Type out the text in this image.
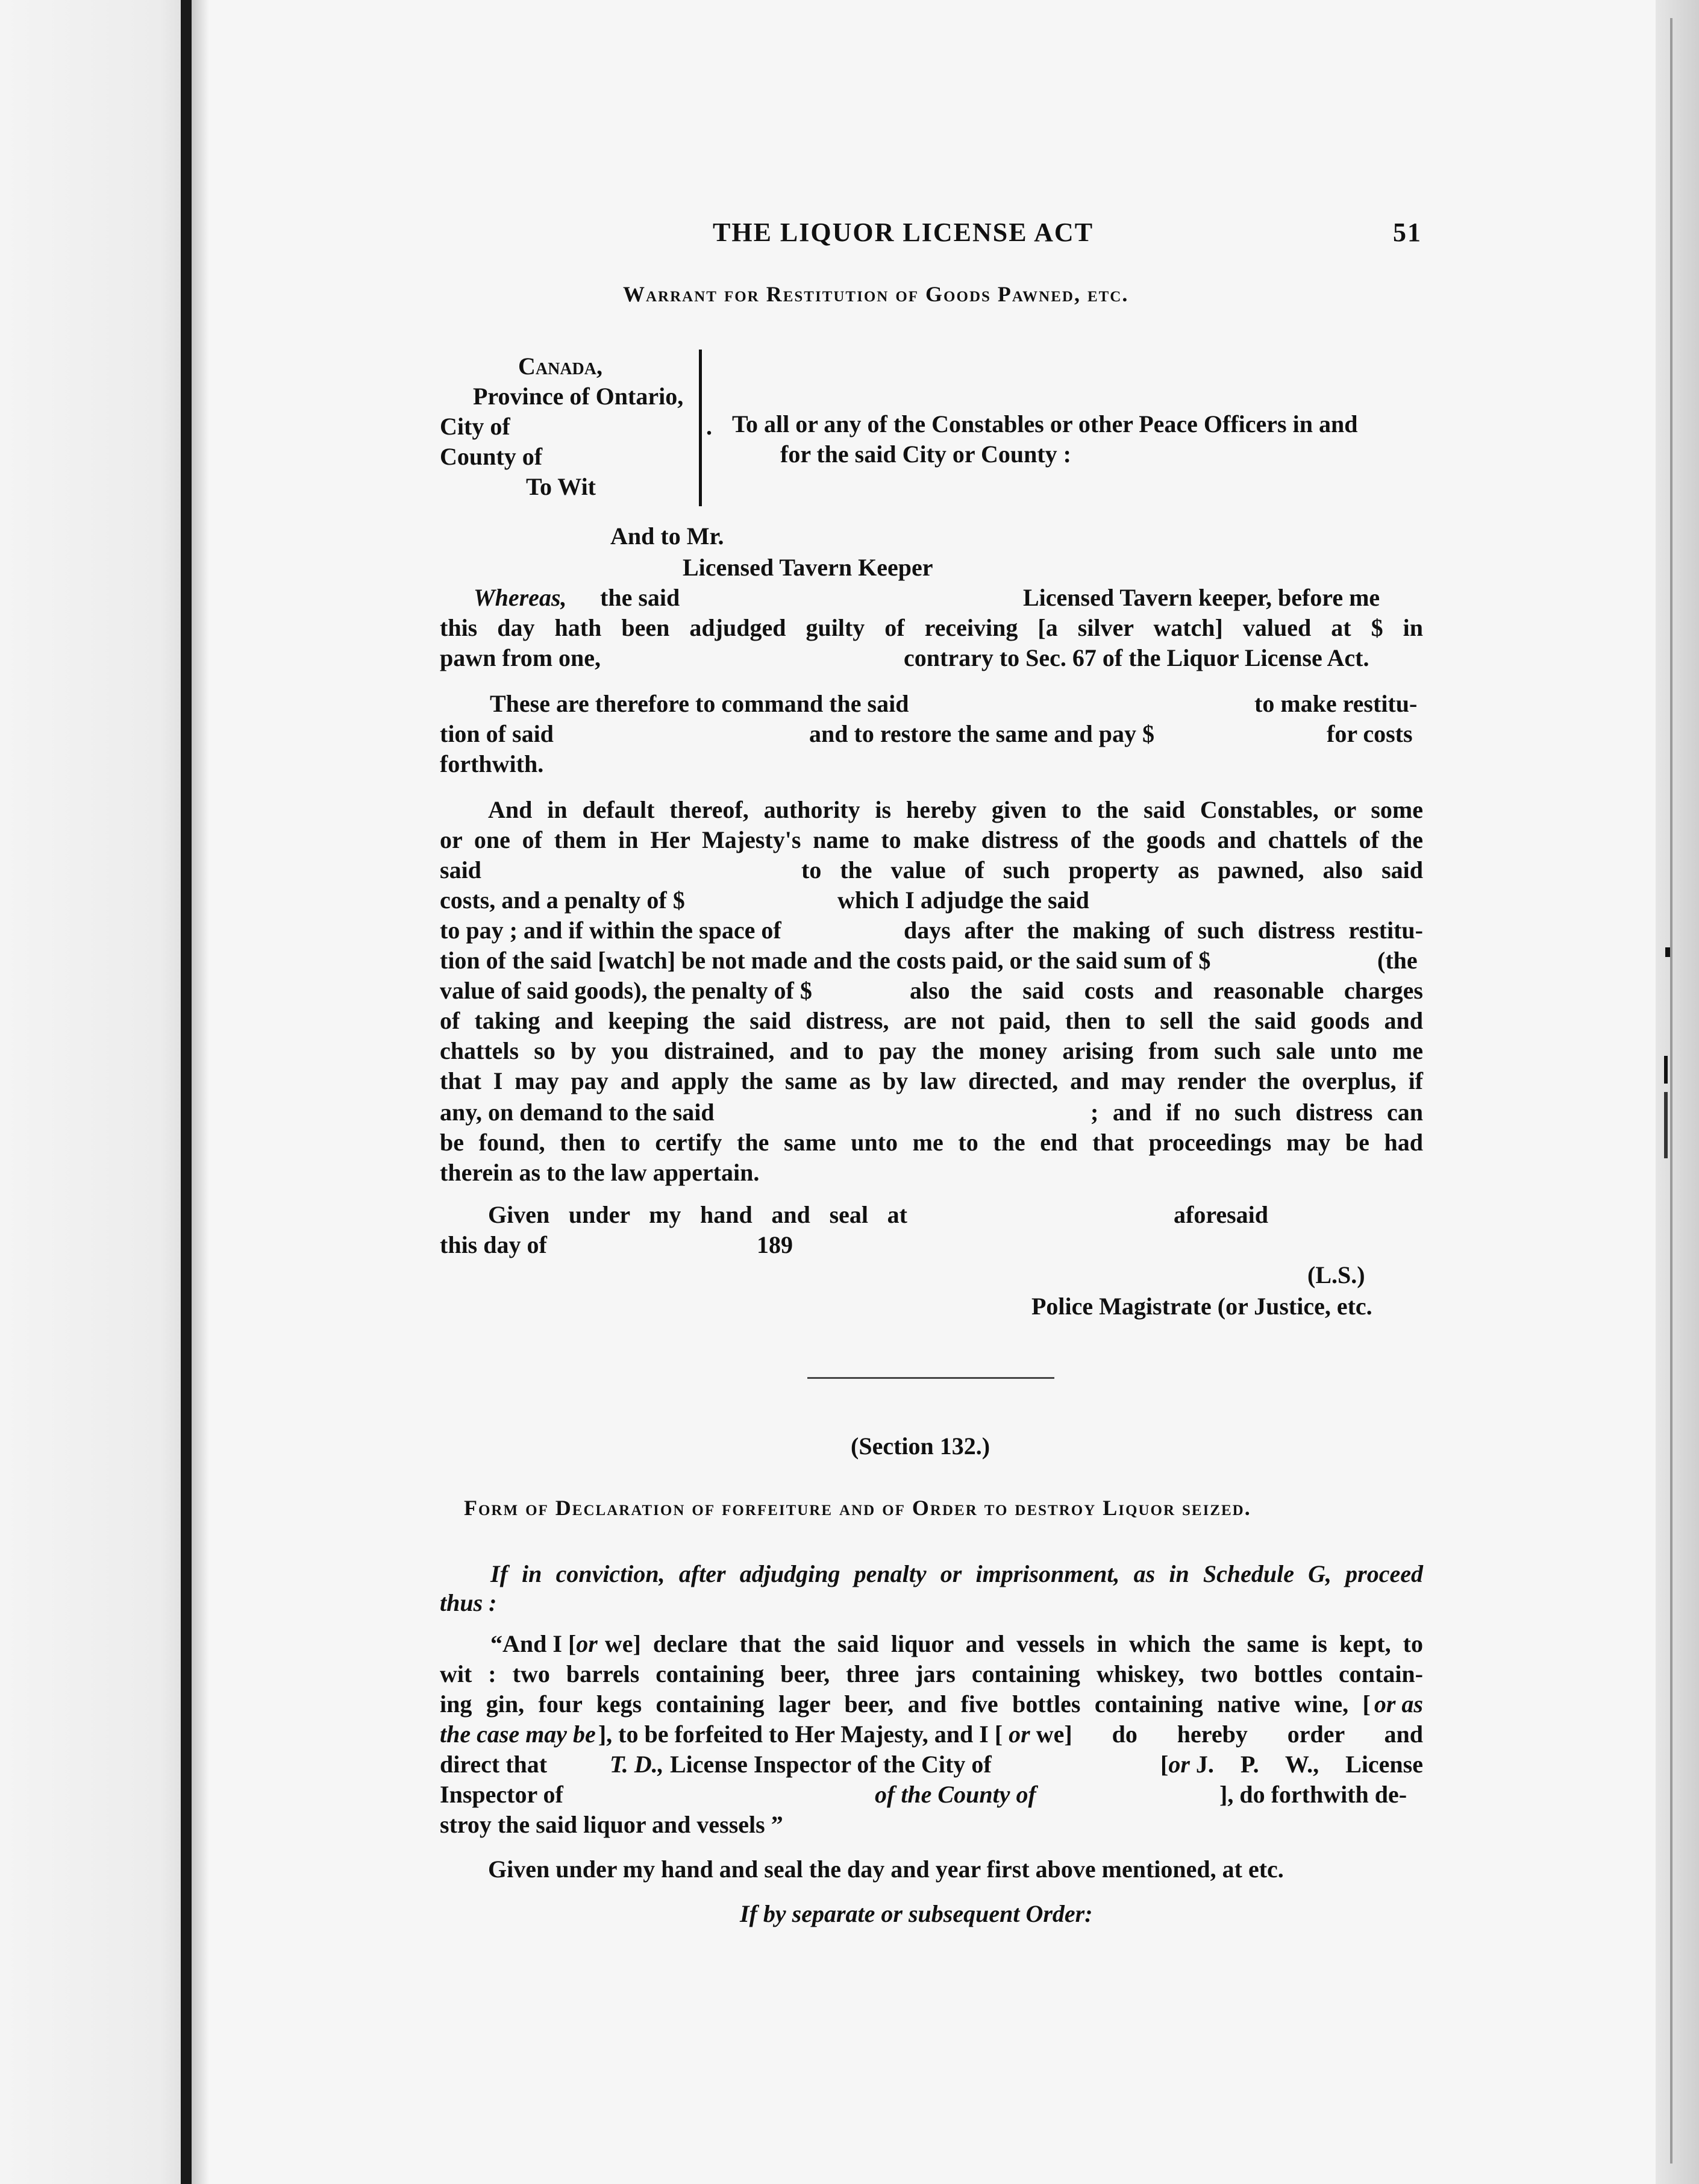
THE LIQUOR LICENSE ACT	51
Warrant for Restitution of Goods Pawned, etc.
Canada,
Province of Ontario,
City of
County of
To Wit
. To all or any of the Constables or other Peace Officers in and
for the said City or County :
And to Mr.
Licensed Tavern Keeper
Whereas, the said	Licensed Tavern keeper, before me
this day hath been adjudged guilty of receiving [a silver watch] valued at $ in
pawn from one,	contrary to Sec. 67 of the Liquor License Act.
These are therefore to command the said	to make restitu-
tion of said	and to restore the same and pay $	for costs
forthwith.
And in default thereof, authority is hereby given to the said Constables, or some
or one of them in Her Majesty's name to make distress of the goods and chattels of the
said	to the value of such property as pawned, also said
costs, and a penalty of $	which I adjudge the said
to pay ; and if within the space of	days after the making of such distress restitu-
tion of the said [watch] be not made and the costs paid, or the said sum of $	(the
value of said goods), the penalty of $	also the said costs and reasonable charges
of taking and keeping the said distress, are not paid, then to sell the said goods and
chattels so by you distrained, and to pay the money arising from such sale unto me
that I may pay and apply the same as by law directed, and may render the overplus, if
any, on demand to the said	; and if no such distress can
be found, then to certify the same unto me to the end that proceedings may be had
therein as to the law appertain.
Given under my hand and seal at	aforesaid
this day of	189
(L.S.)
Police Magistrate (or Justice, etc.
(Section 132.)
Form of Declaration of forfeiture and of Order to destroy Liquor seized.
If in conviction, after adjudging penalty or imprisonment, as in Schedule G, proceed
thus :
“And I [or we] declare that the said liquor and vessels in which the same is kept, to
wit : two barrels containing beer, three jars containing whiskey, two bottles contain-
ing gin, four kegs containing lager beer, and five bottles containing native wine, [ or as
the case may be ], to be forfeited to Her Majesty, and I [ or we] do hereby order and
direct that	T. D., License Inspector of the City of	[ or J. P. W., License
Inspector of	of the County of	], do forthwith de-
stroy the said liquor and vessels ”
Given under my hand and seal the day and year first above mentioned, at etc.
If by separate or subsequent Order:
